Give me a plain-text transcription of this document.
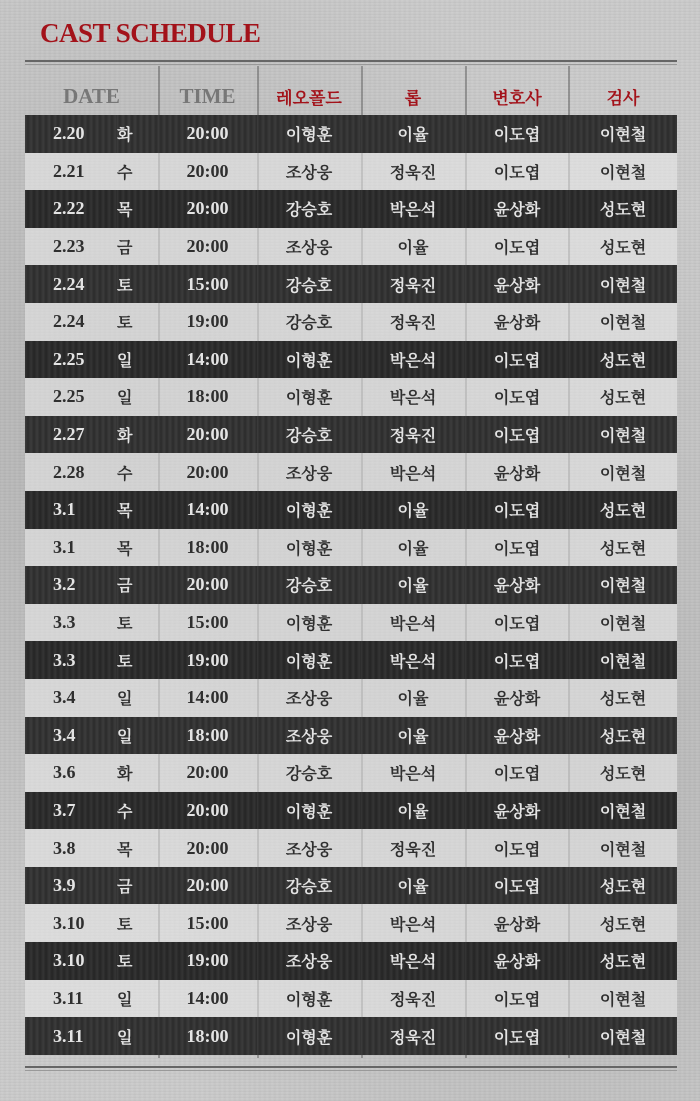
CAST SCHEDULE
DATE		TIME	레오폴드	롭	변호사	검사
2.20	화	20:00	이형훈	이율	이도엽	이현철
2.21	수	20:00	조상웅	정욱진	이도엽	이현철
2.22	목	20:00	강승호	박은석	윤상화	성도현
2.23	금	20:00	조상웅	이율	이도엽	성도현
2.24	토	15:00	강승호	정욱진	윤상화	이현철
2.24	토	19:00	강승호	정욱진	윤상화	이현철
2.25	일	14:00	이형훈	박은석	이도엽	성도현
2.25	일	18:00	이형훈	박은석	이도엽	성도현
2.27	화	20:00	강승호	정욱진	이도엽	이현철
2.28	수	20:00	조상웅	박은석	윤상화	이현철
3.1	목	14:00	이형훈	이율	이도엽	성도현
3.1	목	18:00	이형훈	이율	이도엽	성도현
3.2	금	20:00	강승호	이율	윤상화	이현철
3.3	토	15:00	이형훈	박은석	이도엽	이현철
3.3	토	19:00	이형훈	박은석	이도엽	이현철
3.4	일	14:00	조상웅	이율	윤상화	성도현
3.4	일	18:00	조상웅	이율	윤상화	성도현
3.6	화	20:00	강승호	박은석	이도엽	성도현
3.7	수	20:00	이형훈	이율	윤상화	이현철
3.8	목	20:00	조상웅	정욱진	이도엽	이현철
3.9	금	20:00	강승호	이율	이도엽	성도현
3.10	토	15:00	조상웅	박은석	윤상화	성도현
3.10	토	19:00	조상웅	박은석	윤상화	성도현
3.11	일	14:00	이형훈	정욱진	이도엽	이현철
3.11	일	18:00	이형훈	정욱진	이도엽	이현철
